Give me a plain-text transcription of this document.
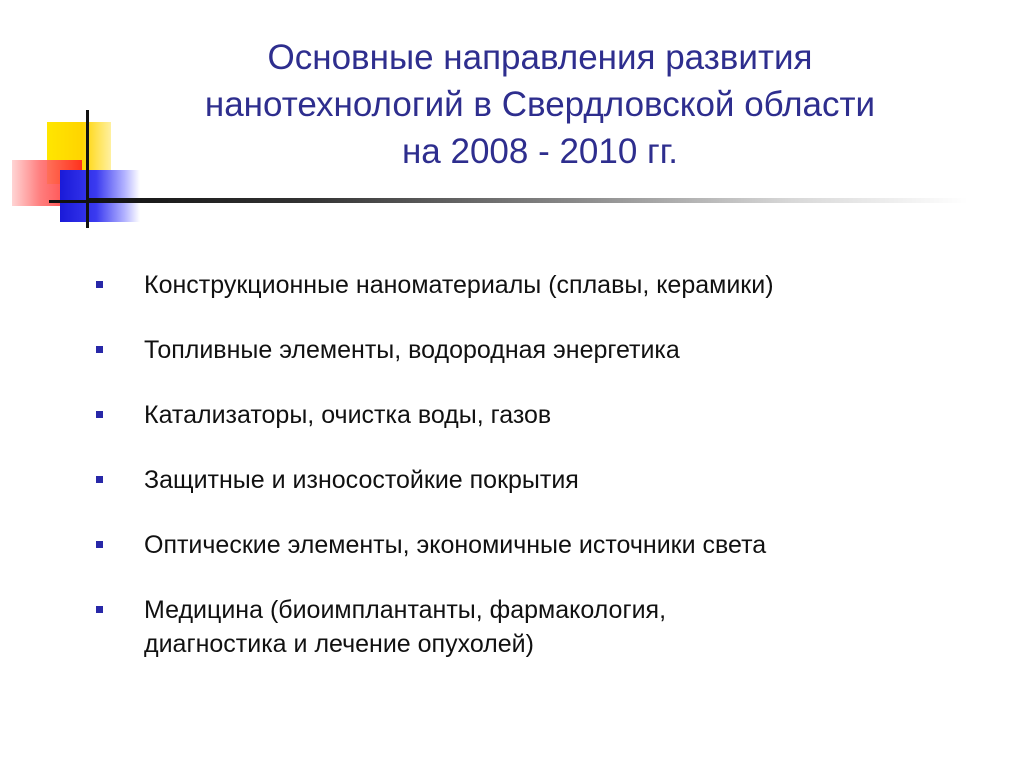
Основные направления развития
нанотехнологий в Свердловской области
на 2008 - 2010 гг.
Конструкционные наноматериалы (сплавы, керамики)
Топливные элементы, водородная энергетика
Катализаторы, очистка воды, газов
Защитные и износостойкие покрытия
Оптические элементы, экономичные источники света
Медицина (биоимплантанты, фармакология, диагностика и лечение опухолей)
